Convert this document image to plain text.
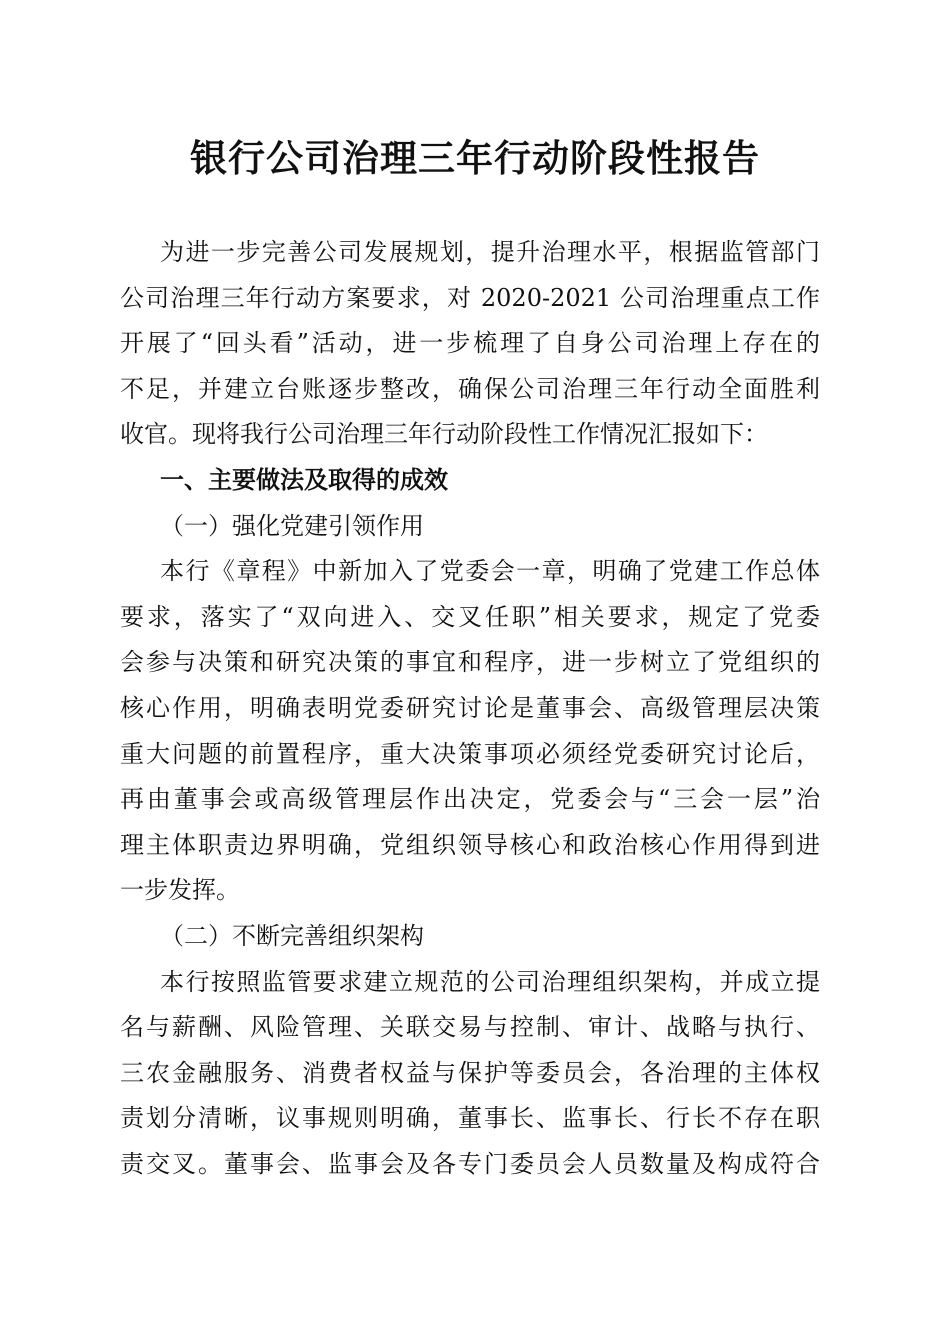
银行公司治理三年行动阶段性报告
为进一步完善公司发展规划，提升治理水平，根据监管部门
公司治理三年行动方案要求，对 2020-2021 公司治理重点工作
开展了“回头看”活动，进一步梳理了自身公司治理上存在的
不足，并建立台账逐步整改，确保公司治理三年行动全面胜利
收官。现将我行公司治理三年行动阶段性工作情况汇报如下：
一、主要做法及取得的成效
（一）强化党建引领作用
本行《章程》中新加入了党委会一章，明确了党建工作总体
要求，落实了“双向进入、交叉任职”相关要求，规定了党委
会参与决策和研究决策的事宜和程序，进一步树立了党组织的
核心作用，明确表明党委研究讨论是董事会、高级管理层决策
重大问题的前置程序，重大决策事项必须经党委研究讨论后，
再由董事会或高级管理层作出决定，党委会与“三会一层”治
理主体职责边界明确，党组织领导核心和政治核心作用得到进
一步发挥。
（二）不断完善组织架构
本行按照监管要求建立规范的公司治理组织架构，并成立提
名与薪酬、风险管理、关联交易与控制、审计、战略与执行、
三农金融服务、消费者权益与保护等委员会，各治理的主体权
责划分清晰，议事规则明确，董事长、监事长、行长不存在职
责交叉。董事会、监事会及各专门委员会人员数量及构成符合
